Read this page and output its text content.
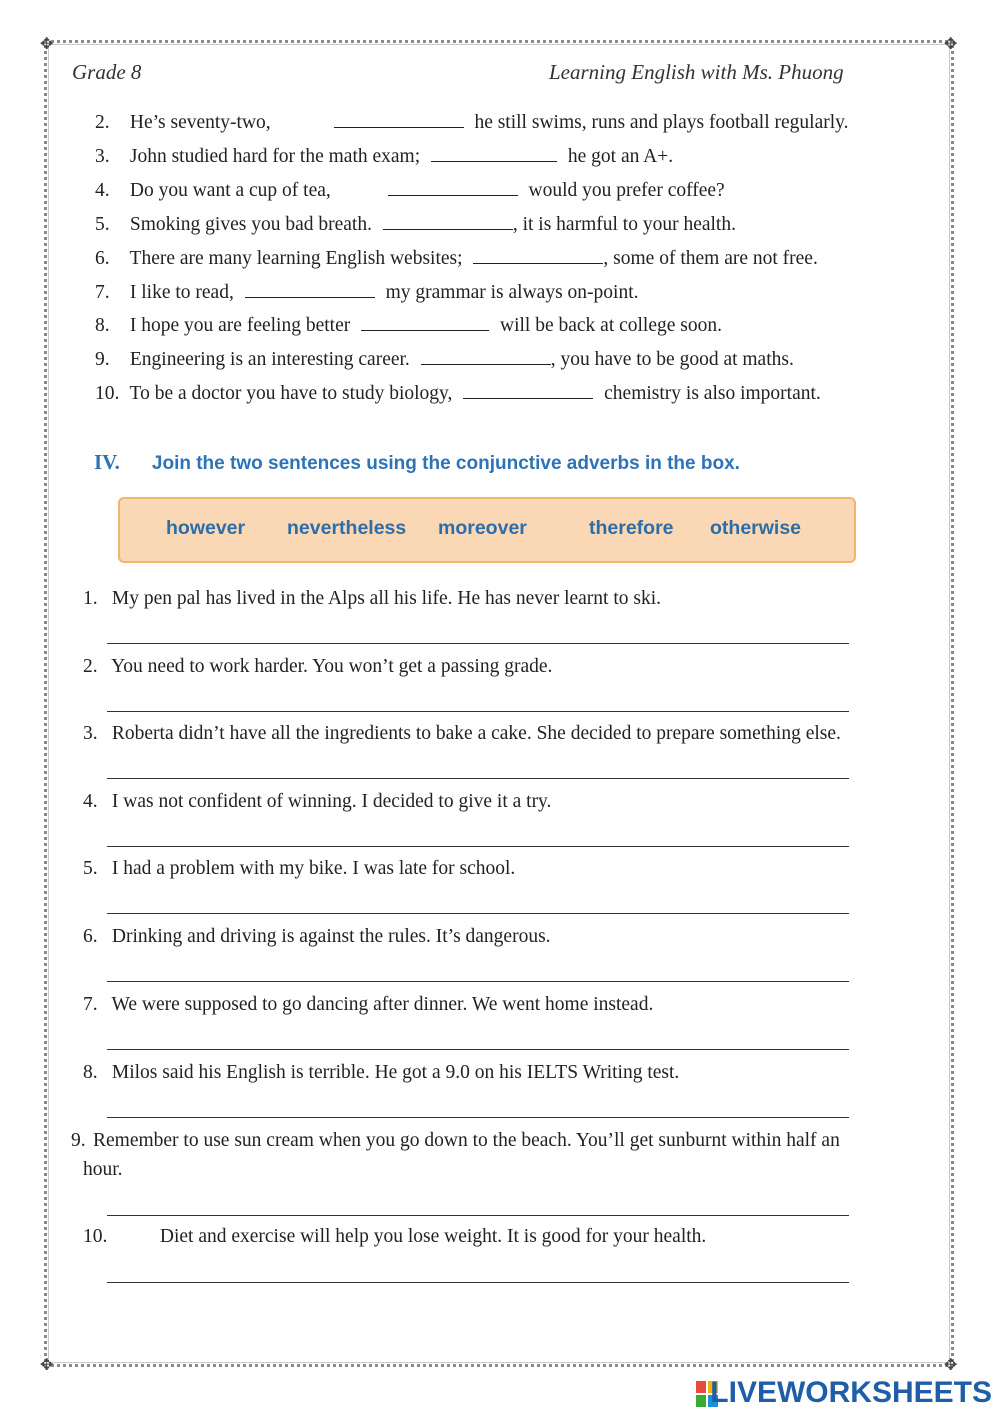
✥	✥
✥	✥
Grade 8	Learning English with Ms. Phuong
2. He’s seventy-two,	he still swims, runs and plays football regularly.
3. John studied hard for the math exam;	he got an A+.
4. Do you want a cup of tea,	would you prefer coffee?
5. Smoking gives you bad breath.	, it is harmful to your health.
6. There are many learning English websites;	, some of them are not free.
7. I like to read,	my grammar is always on-point.
8. I hope you are feeling better	will be back at college soon.
9. Engineering is an interesting career.	, you have to be good at maths.
10. To be a doctor you have to study biology,	chemistry is also important.
IV. Join the two sentences using the conjunctive adverbs in the box.
however nevertheless moreover	therefore otherwise
1. My pen pal has lived in the Alps all his life. He has never learnt to ski.
2. You need to work harder. You won’t get a passing grade.
3. Roberta didn’t have all the ingredients to bake a cake. She decided to prepare something else.
4. I was not confident of winning. I decided to give it a try.
5. I had a problem with my bike. I was late for school.
6. Drinking and driving is against the rules. It’s dangerous.
7. We were supposed to go dancing after dinner. We went home instead.
8. Milos said his English is terrible. He got a 9.0 on his IELTS Writing test.
9. Remember to use sun cream when you go down to the beach. You’ll get sunburnt within half an
hour.
10.	Diet and exercise will help you lose weight. It is good for your health.
LIVEWORKSHEETS
